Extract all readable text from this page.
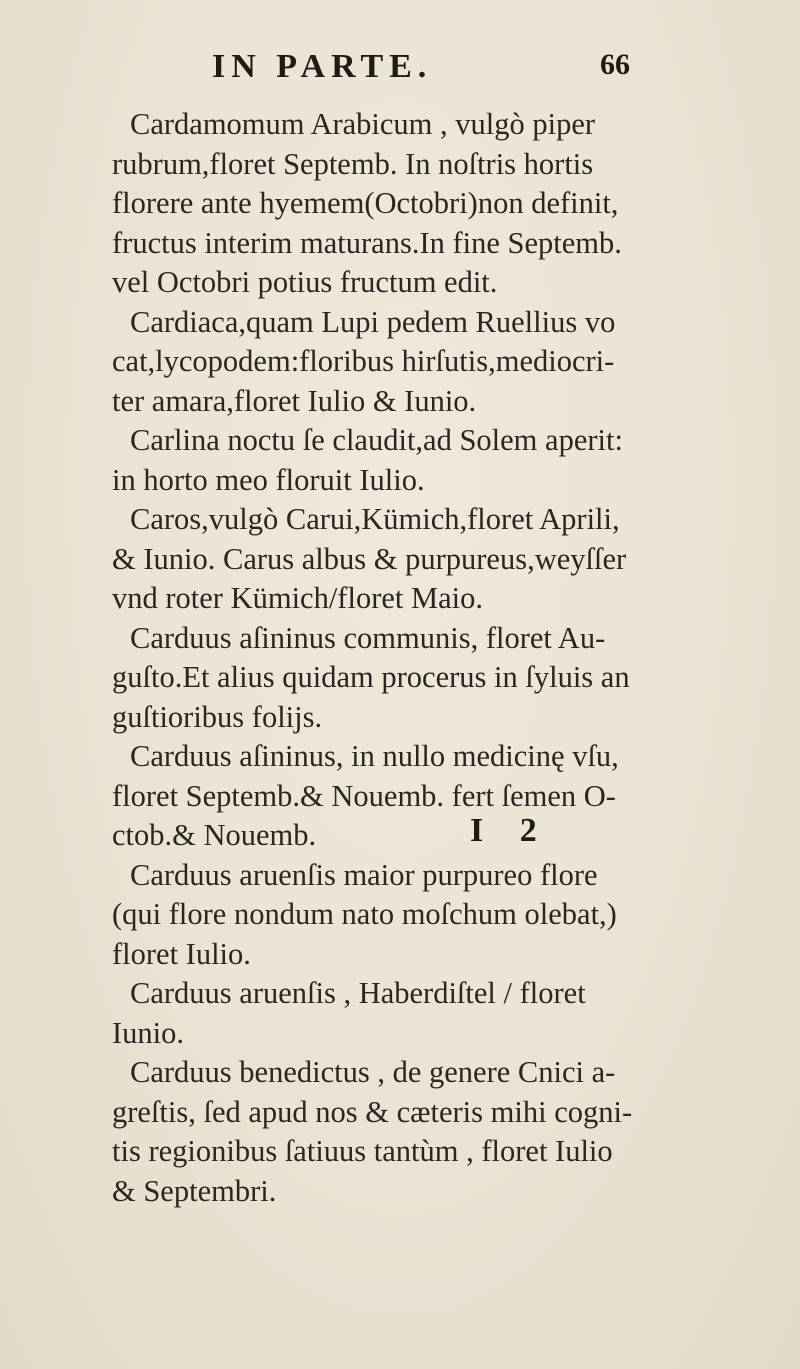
IN PARTE.	66
Cardamomum Arabicum , vulgò piper
rubrum,floret Septemb. In noſtris hortis
florere ante hyemem(Octobri)non definit,
fructus interim maturans.In fine Septemb.
vel Octobri potius fructum edit.
Cardiaca,quam Lupi pedem Ruellius vo
cat,lycopodem:floribus hirſutis,mediocri-
ter amara,floret Iulio & Iunio.
Carlina noctu ſe claudit,ad Solem aperit:
in horto meo floruit Iulio.
Caros,vulgò Carui,Kümich,floret Aprili,
& Iunio. Carus albus & purpureus,weyſſer
vnd roter Kümich/floret Maio.
Carduus aſininus communis, floret Au-
guſto.Et alius quidam procerus in ſyluis an
guſtioribus folijs.
Carduus aſininus, in nullo medicinę vſu,
floret Septemb.& Nouemb. fert ſemen O-
ctob.& Nouemb.
Carduus aruenſis maior purpureo flore
(qui flore nondum nato moſchum olebat,)
floret Iulio.
Carduus aruenſis , Haberdiſtel / floret
Iunio.
Carduus benedictus , de genere Cnici a-
greſtis, ſed apud nos & cæteris mihi cogni-
tis regionibus ſatiuus tantùm , floret Iulio
& Septembri.
I 2
